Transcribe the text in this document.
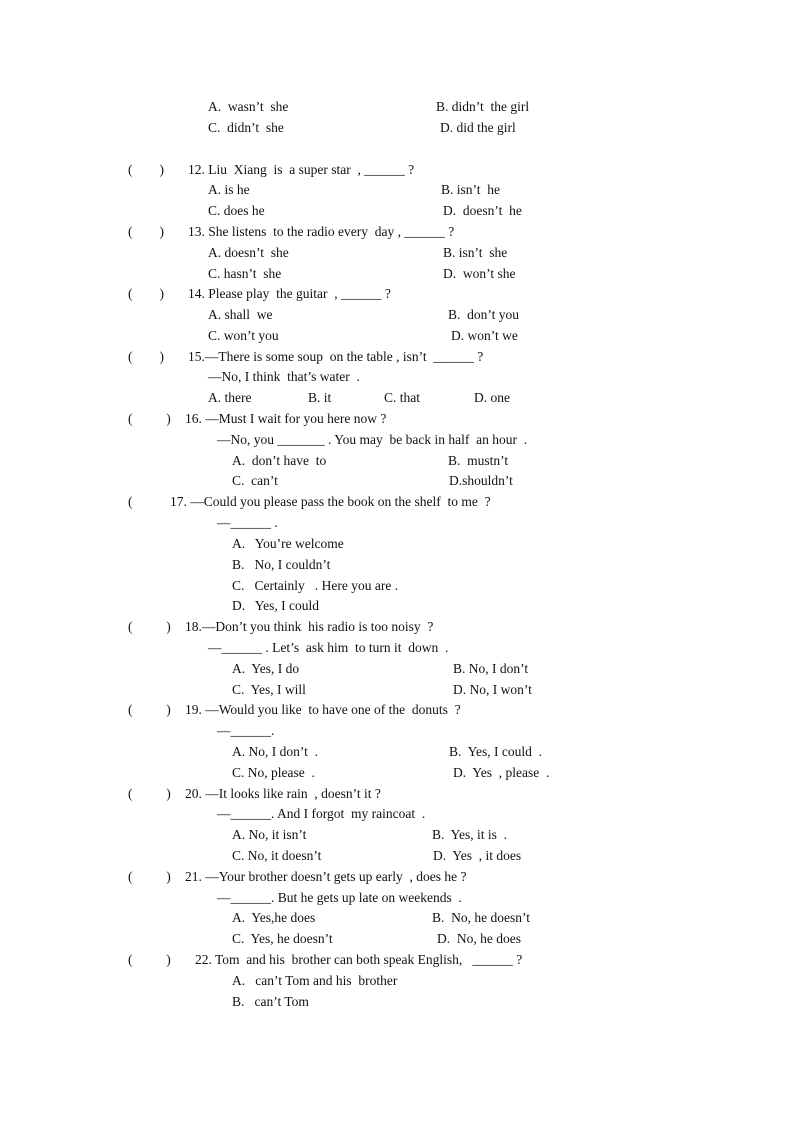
A.  wasn’t  she	B. didn’t  the girl
C.  didn’t  she	D. did the girl
(        ) 12. Liu  Xiang  is  a super star  , ______ ?
A. is he	B. isn’t  he
C. does he	D.  doesn’t  he
(        ) 13. She listens  to the radio every  day , ______ ?
A. doesn’t  she	B. isn’t  she
C. hasn’t  she	D.  won’t she
(        ) 14. Please play  the guitar  , ______ ?
A. shall  we	B.  don’t you
C. won’t you	D. won’t we
(        ) 15.—There is some soup  on the table , isn’t  ______ ?
—No, I think  that’s water  .
A. there	B. it	C. that	D. one
(          ) 16. —Must I wait for you here now ?
—No, you _______ . You may  be back in half  an hour  .
A.  don’t have  to	B.  mustn’t
C.  can’t	D.shouldn’t
(	17. —Could you please pass the book on the shelf  to me  ?
—______ .
A.   You’re welcome
B.   No, I couldn’t
C.   Certainly   . Here you are .
D.   Yes, I could
(          ) 18.—Don’t you think  his radio is too noisy  ?
—______ . Let’s  ask him  to turn it  down  .
A.  Yes, I do	B. No, I don’t
C.  Yes, I will	D. No, I won’t
(          ) 19. —Would you like  to have one of the  donuts  ?
—______.
A. No, I don’t  .	B.  Yes, I could  .
C. No, please  .	D.  Yes  , please  .
(          ) 20. —It looks like rain  , doesn’t it ?
—______. And I forgot  my raincoat  .
A. No, it isn’t	B.  Yes, it is  .
C. No, it doesn’t	D.  Yes  , it does
(          ) 21. —Your brother doesn’t gets up early  , does he ?
—______. But he gets up late on weekends  .
A.  Yes,he does	B.  No, he doesn’t
C.  Yes, he doesn’t	D.  No, he does
(          ) 22. Tom  and his  brother can both speak English,   ______ ?
A.   can’t Tom and his  brother
B.   can’t Tom
